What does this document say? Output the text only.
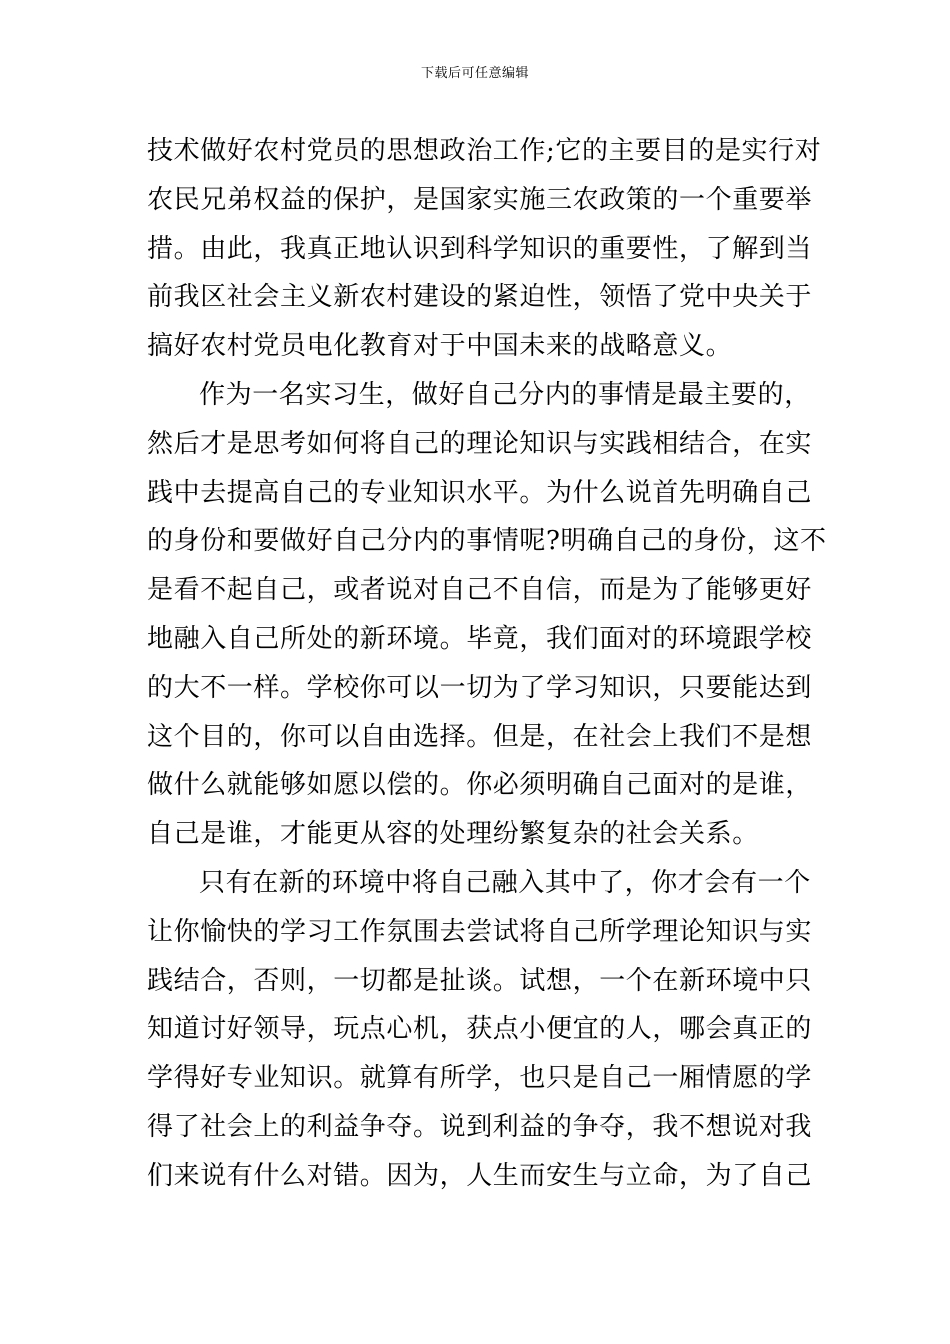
下载后可任意编辑
技术做好农村党员的思想政治工作;它的主要目的是实行对
农民兄弟权益的保护，是国家实施三农政策的一个重要举
措。由此，我真正地认识到科学知识的重要性，了解到当
前我区社会主义新农村建设的紧迫性，领悟了党中央关于
搞好农村党员电化教育对于中国未来的战略意义。
作为一名实习生，做好自己分内的事情是最主要的，
然后才是思考如何将自己的理论知识与实践相结合，在实
践中去提高自己的专业知识水平。为什么说首先明确自己
的身份和要做好自己分内的事情呢?明确自己的身份，这不
是看不起自己，或者说对自己不自信，而是为了能够更好
地融入自己所处的新环境。毕竟，我们面对的环境跟学校
的大不一样。学校你可以一切为了学习知识，只要能达到
这个目的，你可以自由选择。但是，在社会上我们不是想
做什么就能够如愿以偿的。你必须明确自己面对的是谁，
自己是谁，才能更从容的处理纷繁复杂的社会关系。
只有在新的环境中将自己融入其中了，你才会有一个
让你愉快的学习工作氛围去尝试将自己所学理论知识与实
践结合，否则，一切都是扯谈。试想，一个在新环境中只
知道讨好领导，玩点心机，获点小便宜的人，哪会真正的
学得好专业知识。就算有所学，也只是自己一厢情愿的学
得了社会上的利益争夺。说到利益的争夺，我不想说对我
们来说有什么对错。因为，人生而安生与立命，为了自己
